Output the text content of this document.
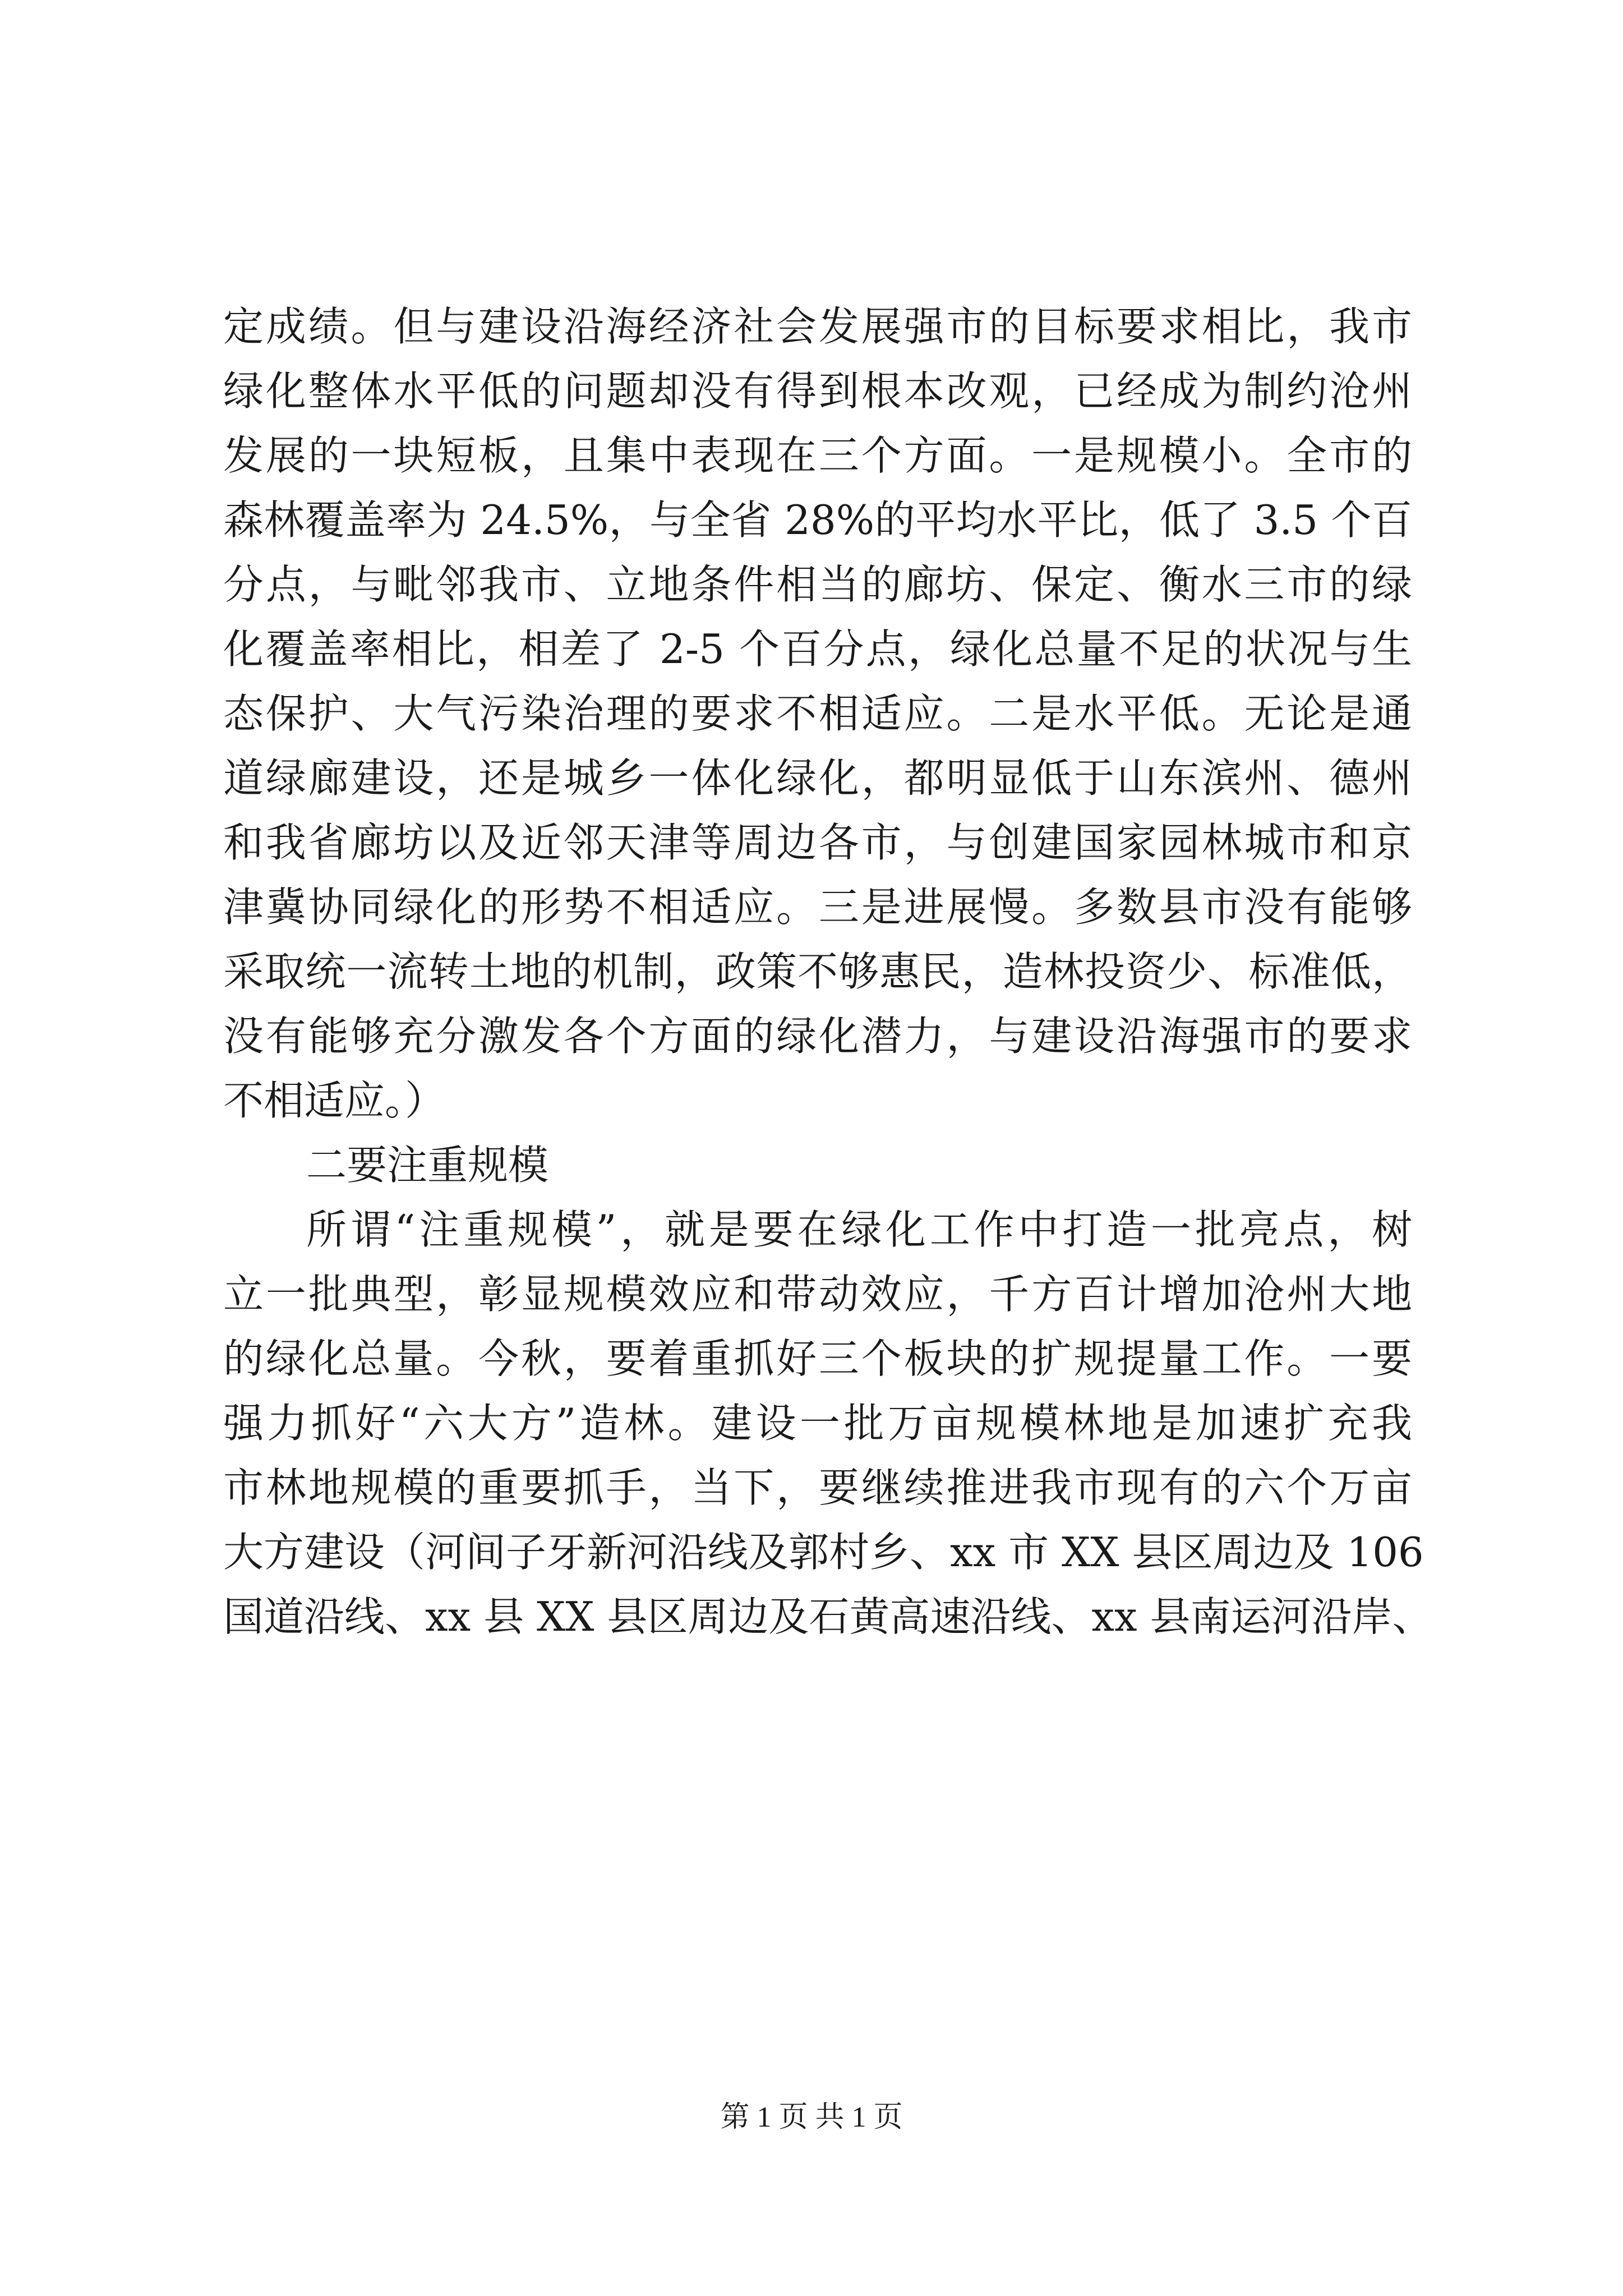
定成绩。但与建设沿海经济社会发展强市的目标要求相比，我市
绿化整体水平低的问题却没有得到根本改观，已经成为制约沧州
发展的一块短板，且集中表现在三个方面。一是规模小。全市的
森林覆盖率为 24.5%，与全省 28%的平均水平比，低了 3.5 个百
分点，与毗邻我市、立地条件相当的廊坊、保定、衡水三市的绿
化覆盖率相比，相差了 2-5 个百分点，绿化总量不足的状况与生
态保护、大气污染治理的要求不相适应。二是水平低。无论是通
道绿廊建设，还是城乡一体化绿化，都明显低于山东滨州、德州
和我省廊坊以及近邻天津等周边各市，与创建国家园林城市和京
津冀协同绿化的形势不相适应。三是进展慢。多数县市没有能够
采取统一流转土地的机制，政策不够惠民，造林投资少、标准低，
没有能够充分激发各个方面的绿化潜力，与建设沿海强市的要求
不相适应。）
二要注重规模
所谓“注重规模”，就是要在绿化工作中打造一批亮点，树
立一批典型，彰显规模效应和带动效应，千方百计增加沧州大地
的绿化总量。今秋，要着重抓好三个板块的扩规提量工作。一要
强力抓好“六大方”造林。建设一批万亩规模林地是加速扩充我
市林地规模的重要抓手，当下，要继续推进我市现有的六个万亩
大方建设（河间子牙新河沿线及郭村乡、xx 市 XX 县区周边及 106
国道沿线、xx 县 XX 县区周边及石黄高速沿线、xx 县南运河沿岸、
第 1 页 共 1 页
